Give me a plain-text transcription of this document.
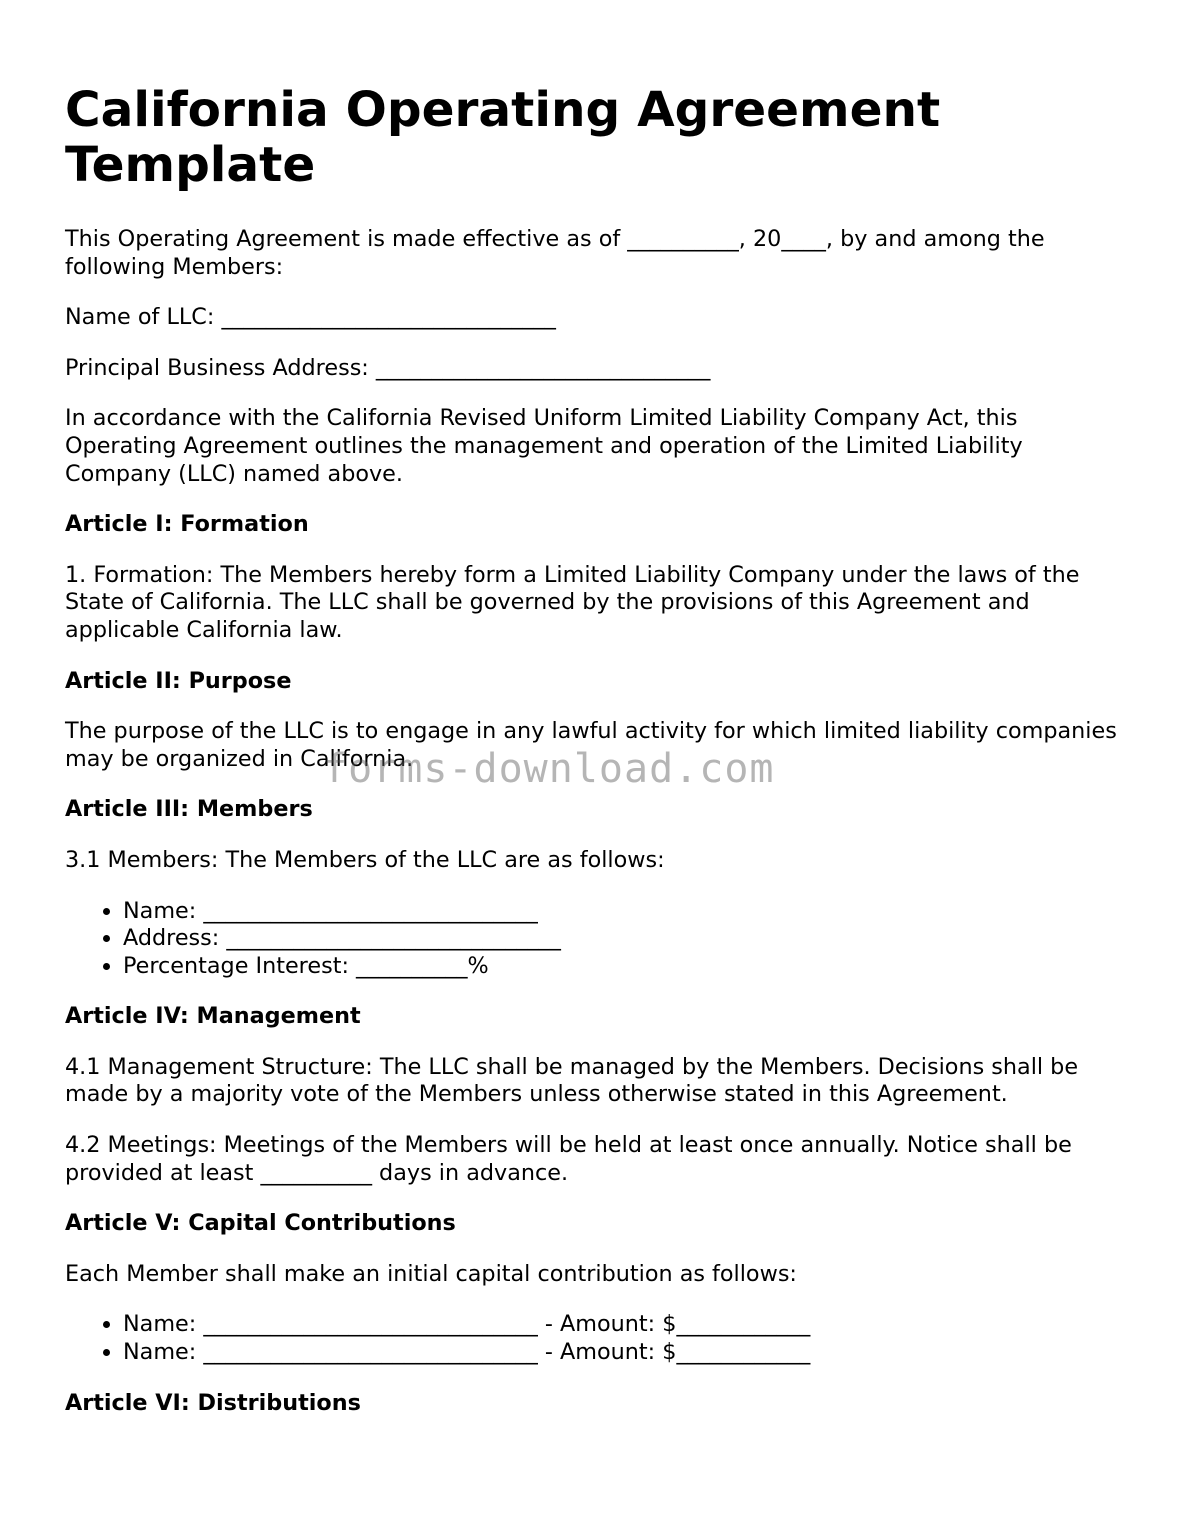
California Operating Agreement Template

This Operating Agreement is made effective as of __________, 20____, by and among the following Members:

Name of LLC: ______________________________

Principal Business Address: ______________________________

In accordance with the California Revised Uniform Limited Liability Company Act, this Operating Agreement outlines the management and operation of the Limited Liability Company (LLC) named above.

Article I: Formation

1. Formation: The Members hereby form a Limited Liability Company under the laws of the State of California. The LLC shall be governed by the provisions of this Agreement and applicable California law.

Article II: Purpose

The purpose of the LLC is to engage in any lawful activity for which limited liability companies may be organized in California.

Article III: Members

3.1 Members: The Members of the LLC are as follows:

• Name: ______________________________
• Address: ______________________________
• Percentage Interest: __________%
Article IV: Management

4.1 Management Structure: The LLC shall be managed by the Members. Decisions shall be made by a majority vote of the Members unless otherwise stated in this Agreement.

4.2 Meetings: Meetings of the Members will be held at least once annually. Notice shall be provided at least __________ days in advance.

Article V: Capital Contributions

Each Member shall make an initial capital contribution as follows:

• Name: ______________________________ - Amount: $____________
• Name: ______________________________ - Amount: $____________
Article VI: Distributions
forms-download.com
